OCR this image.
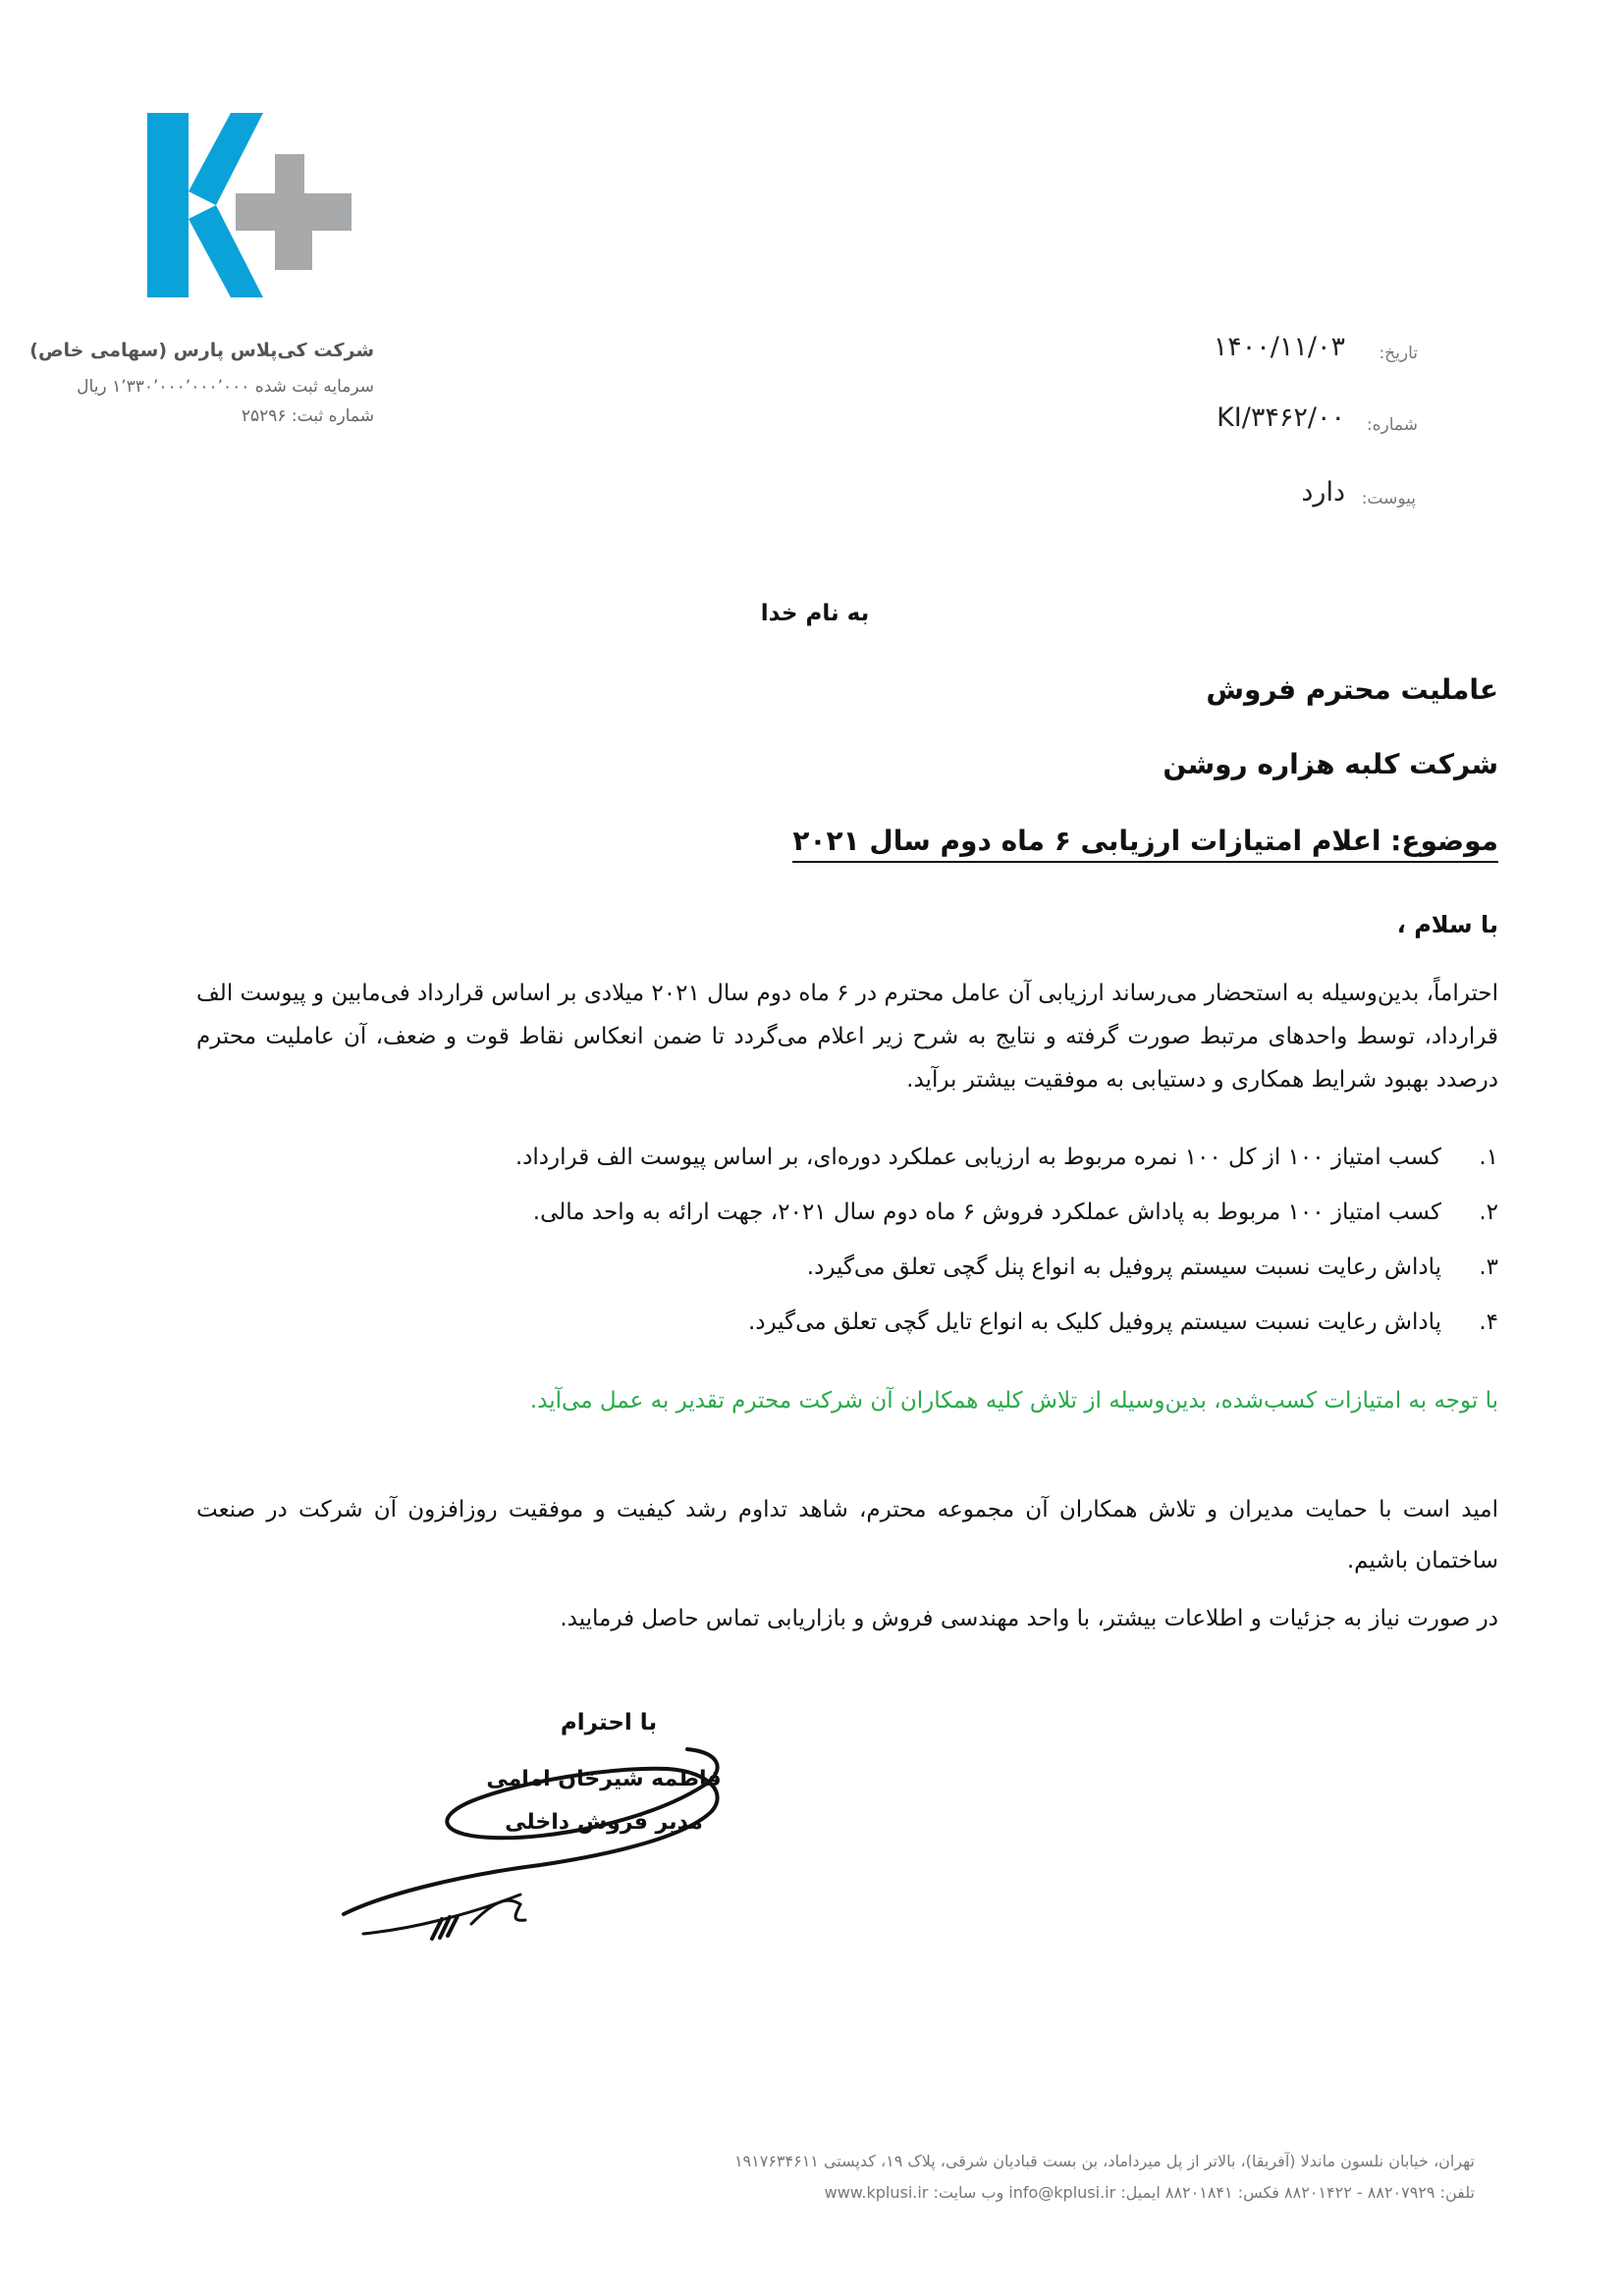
شرکت کی‌پلاس پارس (سهامی خاص)
سرمایه ثبت شده ۱٬۳۳۰٬۰۰۰٬۰۰۰٬۰۰۰ ریال
شماره ثبت: ۲۵۲۹۶
تاریخ:
۱۴۰۰/۱۱/۰۳
شماره:
۰۰/KI/۳۴۶۲
پیوست:
دارد
به نام خدا
عاملیت محترم فروش
شرکت کلبه هزاره روشن
موضوع: اعلام امتیازات ارزیابی ۶ ماه دوم سال ۲۰۲۱
با سلام ،
احتراماً، بدین‌وسیله به استحضار می‌رساند ارزیابی آن عامل محترم در ۶ ماه دوم سال ۲۰۲۱ میلادی بر اساس قرارداد فی‌مابین و پیوست الف قرارداد، توسط واحدهای مرتبط صورت گرفته و نتایج به شرح زیر اعلام می‌گردد تا ضمن انعکاس نقاط قوت و ضعف، آن عاملیت محترم درصدد بهبود شرایط همکاری و دستیابی به موفقیت بیشتر برآید.
۱.کسب امتیاز ۱۰۰ از کل ۱۰۰ نمره مربوط به ارزیابی عملکرد دوره‌ای، بر اساس پیوست الف قرارداد.
۲.کسب امتیاز ۱۰۰ مربوط به پاداش عملکرد فروش ۶ ماه دوم سال ۲۰۲۱، جهت ارائه به واحد مالی.
۳.پاداش رعایت نسبت سیستم پروفیل به انواع پنل گچی تعلق می‌گیرد.
۴.پاداش رعایت نسبت سیستم پروفیل کلیک به انواع تایل گچی تعلق می‌گیرد.
با توجه به امتیازات کسب‌شده، بدین‌وسیله از تلاش کلیه همکاران آن شرکت محترم تقدیر به عمل می‌آید.
امید است با حمایت مدیران و تلاش همکاران آن مجموعه محترم، شاهد تداوم رشد کیفیت و موفقیت روزافزون آن شرکت در صنعت ساختمان باشیم.
در صورت نیاز به جزئیات و اطلاعات بیشتر، با واحد مهندسی فروش و بازاریابی تماس حاصل فرمایید.
با احترام
فاطمه شیرخان امامی
مدیر فروش داخلی
تهران، خیابان نلسون ماندلا (آفریقا)، بالاتر از پل میرداماد، بن بست قبادیان شرقی، پلاک ۱۹، کدپستی ۱۹۱۷۶۳۴۶۱۱
تلفن: ۸۸۲۰۷۹۲۹ - ۸۸۲۰۱۴۲۲ فکس: ۸۸۲۰۱۸۴۱ ایمیل: info@kplusi.ir وب سایت: www.kplusi.ir
